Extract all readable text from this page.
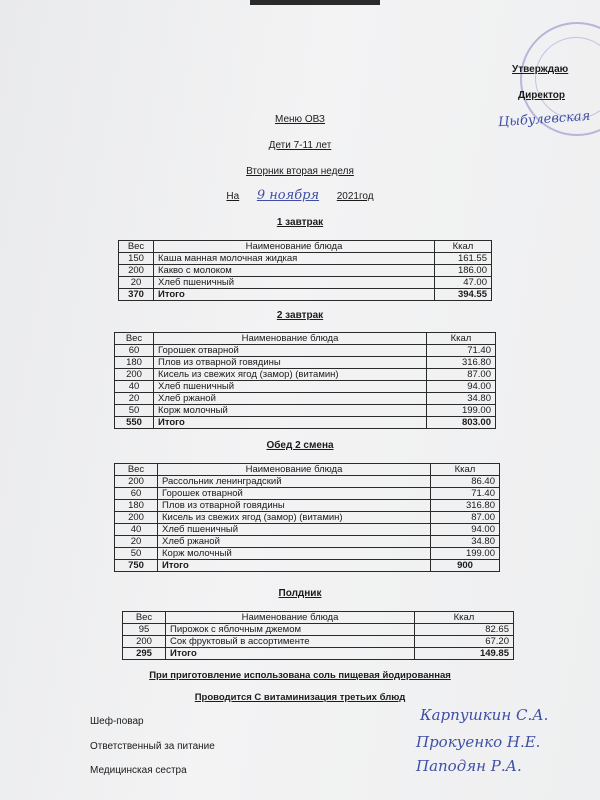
Утверждаю
Директор
Цыбулевская
Меню ОВЗ
Дети 7-11 лет
Вторник вторая неделя
На 9 ноября 2021год
1 завтрак
Вес	Наименование блюда	Ккал
150	Каша манная молочная жидкая	161.55
200	Какво с молоком	186.00
20	Хлеб пшеничный	47.00
370	Итого	394.55
2 завтрак
Вес	Наименование блюда	Ккал
60	Горошек отварной	71.40
180	Плов из отварной говядины	316.80
200	Кисель из свежих ягод (замор) (витамин)	87.00
40	Хлеб пшеничный	94.00
20	Хлеб ржаной	34.80
50	Корж молочный	199.00
550	Итого	803.00
Обед 2 смена
Вес	Наименование блюда	Ккал
200	Рассольник ленинградский	86.40
60	Горошек отварной	71.40
180	Плов из отварной говядины	316.80
200	Кисель из свежих ягод (замор) (витамин)	87.00
40	Хлеб пшеничный	94.00
20	Хлеб ржаной	34.80
50	Корж молочный	199.00
750	Итого	900
Полдник
Вес	Наименование блюда	Ккал
95	Пирожок с яблочным джемом	82.65
200	Сок фруктовый в ассортименте	67.20
295	Итого	149.85
При приготовление использована соль пищевая йодированная
Проводится С витаминизация третьих блюд
Шеф-повар	Карпушкин С.А.
Ответственный за питание	Прокуенко Н.Е.
Медицинская сестра	Паподян Р.А.
